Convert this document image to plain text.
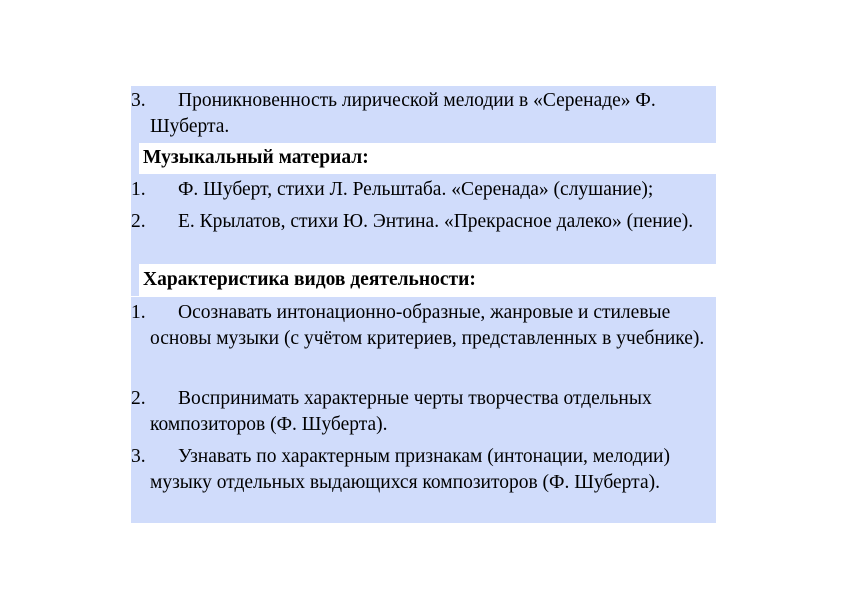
3.	Проникновенность лирической мелодии в «Серенаде» Ф. Шуберта.
Музыкальный материал:
1.	Ф. Шуберт, стихи Л. Рельштаба. «Серенада» (слушание);
2.	Е. Крылатов, стихи Ю. Энтина. «Прекрасное далеко» (пение).
Характеристика видов деятельности:
1.	Осознавать интонационно-образные, жанровые и стилевые основы музыки (с учётом критериев, представленных в учебнике).
2.	Воспринимать характерные черты творчества отдельных композиторов (Ф. Шуберта).
3.	Узнавать по характерным признакам (интонации, мелодии) музыку отдельных выдающихся композиторов (Ф. Шуберта).
